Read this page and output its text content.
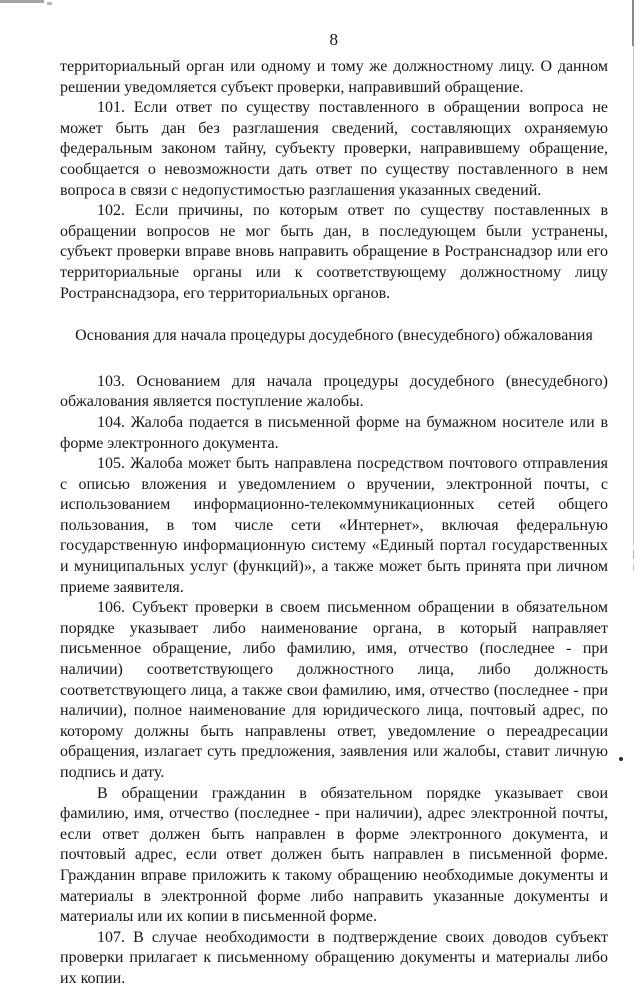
8

территориальный орган или одному и тому же должностному лицу. О данном решении уведомляется субъект проверки, направивший обращение.

101. Если ответ по существу поставленного в обращении вопроса не может быть дан без разглашения сведений, составляющих охраняемую федеральным законом тайну, субъекту проверки, направившему обращение, сообщается о невозможности дать ответ по существу поставленного в нем вопроса в связи с недопустимостью разглашения указанных сведений.

102. Если причины, по которым ответ по существу поставленных в обращении вопросов не мог быть дан, в последующем были устранены, субъект проверки вправе вновь направить обращение в Ространснадзор или его территориальные органы или к соответствующему должностному лицу Ространснадзора, его территориальных органов.

Основания для начала процедуры досудебного (внесудебного) обжалования

103. Основанием для начала процедуры досудебного (внесудебного) обжалования является поступление жалобы.

104. Жалоба подается в письменной форме на бумажном носителе или в форме электронного документа.

105. Жалоба может быть направлена посредством почтового отправления с описью вложения и уведомлением о вручении, электронной почты, с использованием информационно-телекоммуникационных сетей общего пользования, в том числе сети «Интернет», включая федеральную государственную информационную систему «Единый портал государственных и муниципальных услуг (функций)», а также может быть принята при личном приеме заявителя.

106. Субъект проверки в своем письменном обращении в обязательном порядке указывает либо наименование органа, в который направляет письменное обращение, либо фамилию, имя, отчество (последнее - при наличии) соответствующего должностного лица, либо должность соответствующего лица, а также свои фамилию, имя, отчество (последнее - при наличии), полное наименование для юридического лица, почтовый адрес, по которому должны быть направлены ответ, уведомление о переадресации обращения, излагает суть предложения, заявления или жалобы, ставит личную подпись и дату.

В обращении гражданин в обязательном порядке указывает свои фамилию, имя, отчество (последнее - при наличии), адрес электронной почты, если ответ должен быть направлен в форме электронного документа, и почтовый адрес, если ответ должен быть направлен в письменной форме. Гражданин вправе приложить к такому обращению необходимые документы и материалы в электронной форме либо направить указанные документы и материалы или их копии в письменной форме.

107. В случае необходимости в подтверждение своих доводов субъект проверки прилагает к письменному обращению документы и материалы либо их копии.
